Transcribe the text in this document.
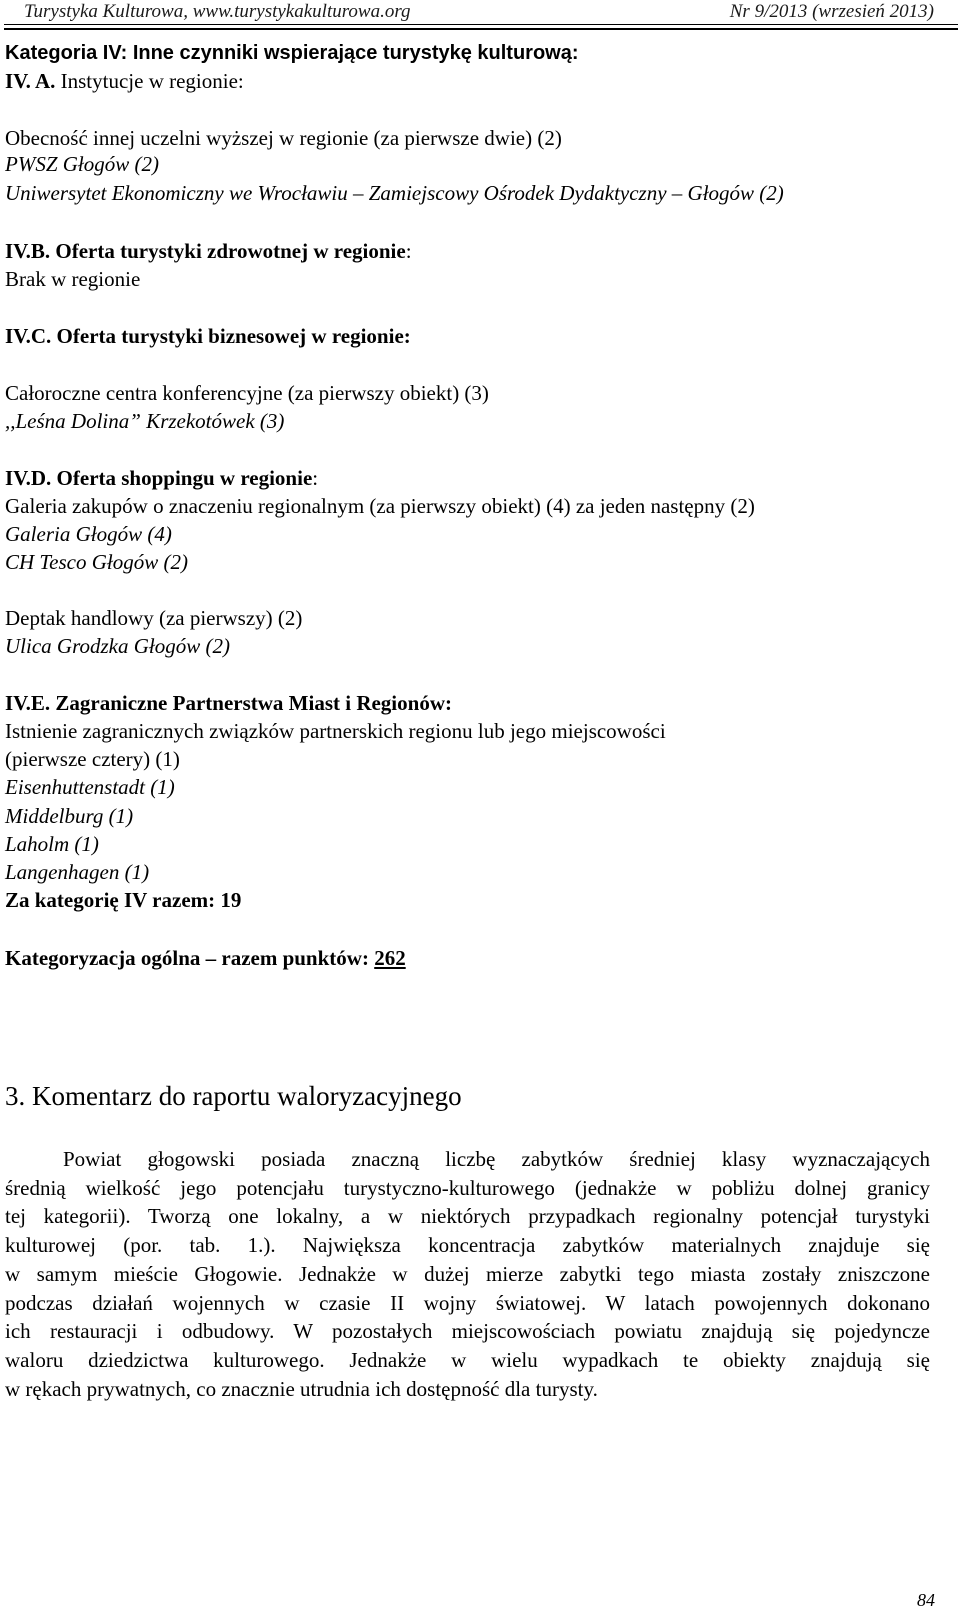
Turystyka Kulturowa, www.turystykakulturowa.org	Nr 9/2013 (wrzesień 2013)
Kategoria IV: Inne czynniki wspierające turystykę kulturową:
IV. A. Instytucje w regionie:
Obecność innej uczelni wyższej w regionie (za pierwsze dwie) (2)
PWSZ Głogów (2)
Uniwersytet Ekonomiczny we Wrocławiu – Zamiejscowy Ośrodek Dydaktyczny – Głogów (2)
IV.B. Oferta turystyki zdrowotnej w regionie:
Brak w regionie
IV.C. Oferta turystyki biznesowej w regionie:
Całoroczne centra konferencyjne (za pierwszy obiekt) (3)
,,Leśna Dolina” Krzekotówek (3)
IV.D. Oferta shoppingu w regionie:
Galeria zakupów o znaczeniu regionalnym (za pierwszy obiekt) (4) za jeden następny (2)
Galeria Głogów (4)
CH Tesco Głogów (2)
Deptak handlowy (za pierwszy) (2)
Ulica Grodzka Głogów (2)
IV.E. Zagraniczne Partnerstwa Miast i Regionów:
Istnienie zagranicznych związków partnerskich regionu lub jego miejscowości
(pierwsze cztery) (1)
Eisenhuttenstadt (1)
Middelburg (1)
Laholm (1)
Langenhagen (1)
Za kategorię IV razem: 19
Kategoryzacja ogólna – razem punktów: 262
3. Komentarz do raportu waloryzacyjnego
Powiat głogowski posiada znaczną liczbę zabytków średniej klasy wyznaczających
średnią wielkość jego potencjału turystyczno-kulturowego (jednakże w pobliżu dolnej granicy
tej kategorii). Tworzą one lokalny, a w niektórych przypadkach regionalny potencjał turystyki
kulturowej (por. tab. 1.). Największa koncentracja zabytków materialnych znajduje się
w samym mieście Głogowie. Jednakże w dużej mierze zabytki tego miasta zostały zniszczone
podczas działań wojennych w czasie II wojny światowej. W latach powojennych dokonano
ich restauracji i odbudowy. W pozostałych miejscowościach powiatu znajdują się pojedyncze
waloru dziedzictwa kulturowego. Jednakże w wielu wypadkach te obiekty znajdują się
w rękach prywatnych, co znacznie utrudnia ich dostępność dla turysty.
84
